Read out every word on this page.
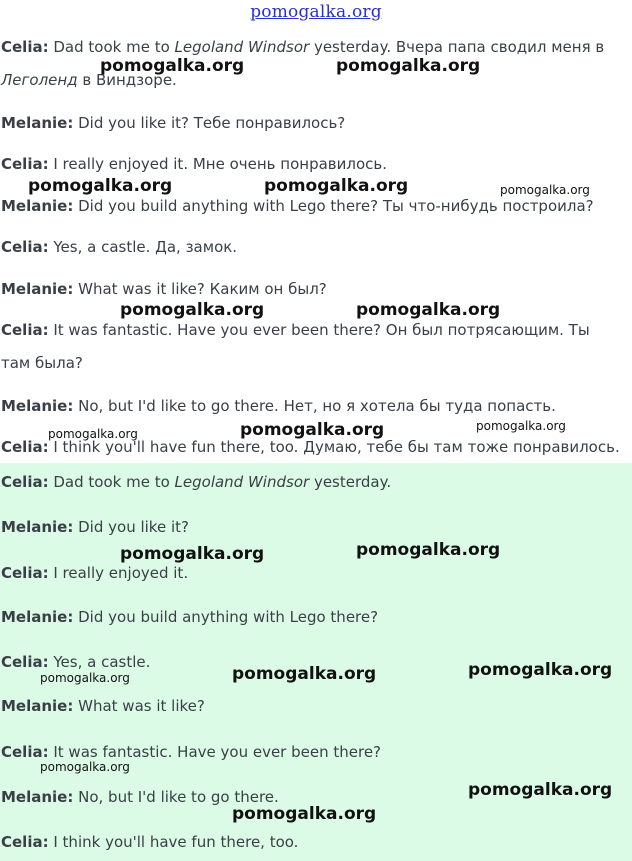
pomogalka.org
Celia: Dad took me to Legoland Windsor yesterday. Вчера папа сводил меня в Леголенд в Виндзоре.
Melanie: Did you like it? Тебе понравилось?
Celia: I really enjoyed it. Мне очень понравилось.
Melanie: Did you build anything with Lego there? Ты что-нибудь построила?
Celia: Yes, a castle. Да, замок.
Melanie: What was it like? Каким он был?
Celia: It was fantastic. Have you ever been there? Он был потрясающим. Ты там была?
Melanie: No, but I'd like to go there. Нет, но я хотела бы туда попасть.
Celia: I think you'll have fun there, too. Думаю, тебе бы там тоже понравилось.
Celia: Dad took me to Legoland Windsor yesterday.
Melanie: Did you like it?
Celia: I really enjoyed it.
Melanie: Did you build anything with Lego there?
Celia: Yes, a castle.
Melanie: What was it like?
Celia: It was fantastic. Have you ever been there?
Melanie: No, but I'd like to go there.
Celia: I think you'll have fun there, too.
pomogalka.org	pomogalka.org
pomogalka.org	pomogalka.org	pomogalka.org
pomogalka.org	pomogalka.org
pomogalka.org	pomogalka.org	pomogalka.org
pomogalka.org	pomogalka.org
pomogalka.org	pomogalka.org	pomogalka.org
pomogalka.org
pomogalka.org
pomogalka.org
